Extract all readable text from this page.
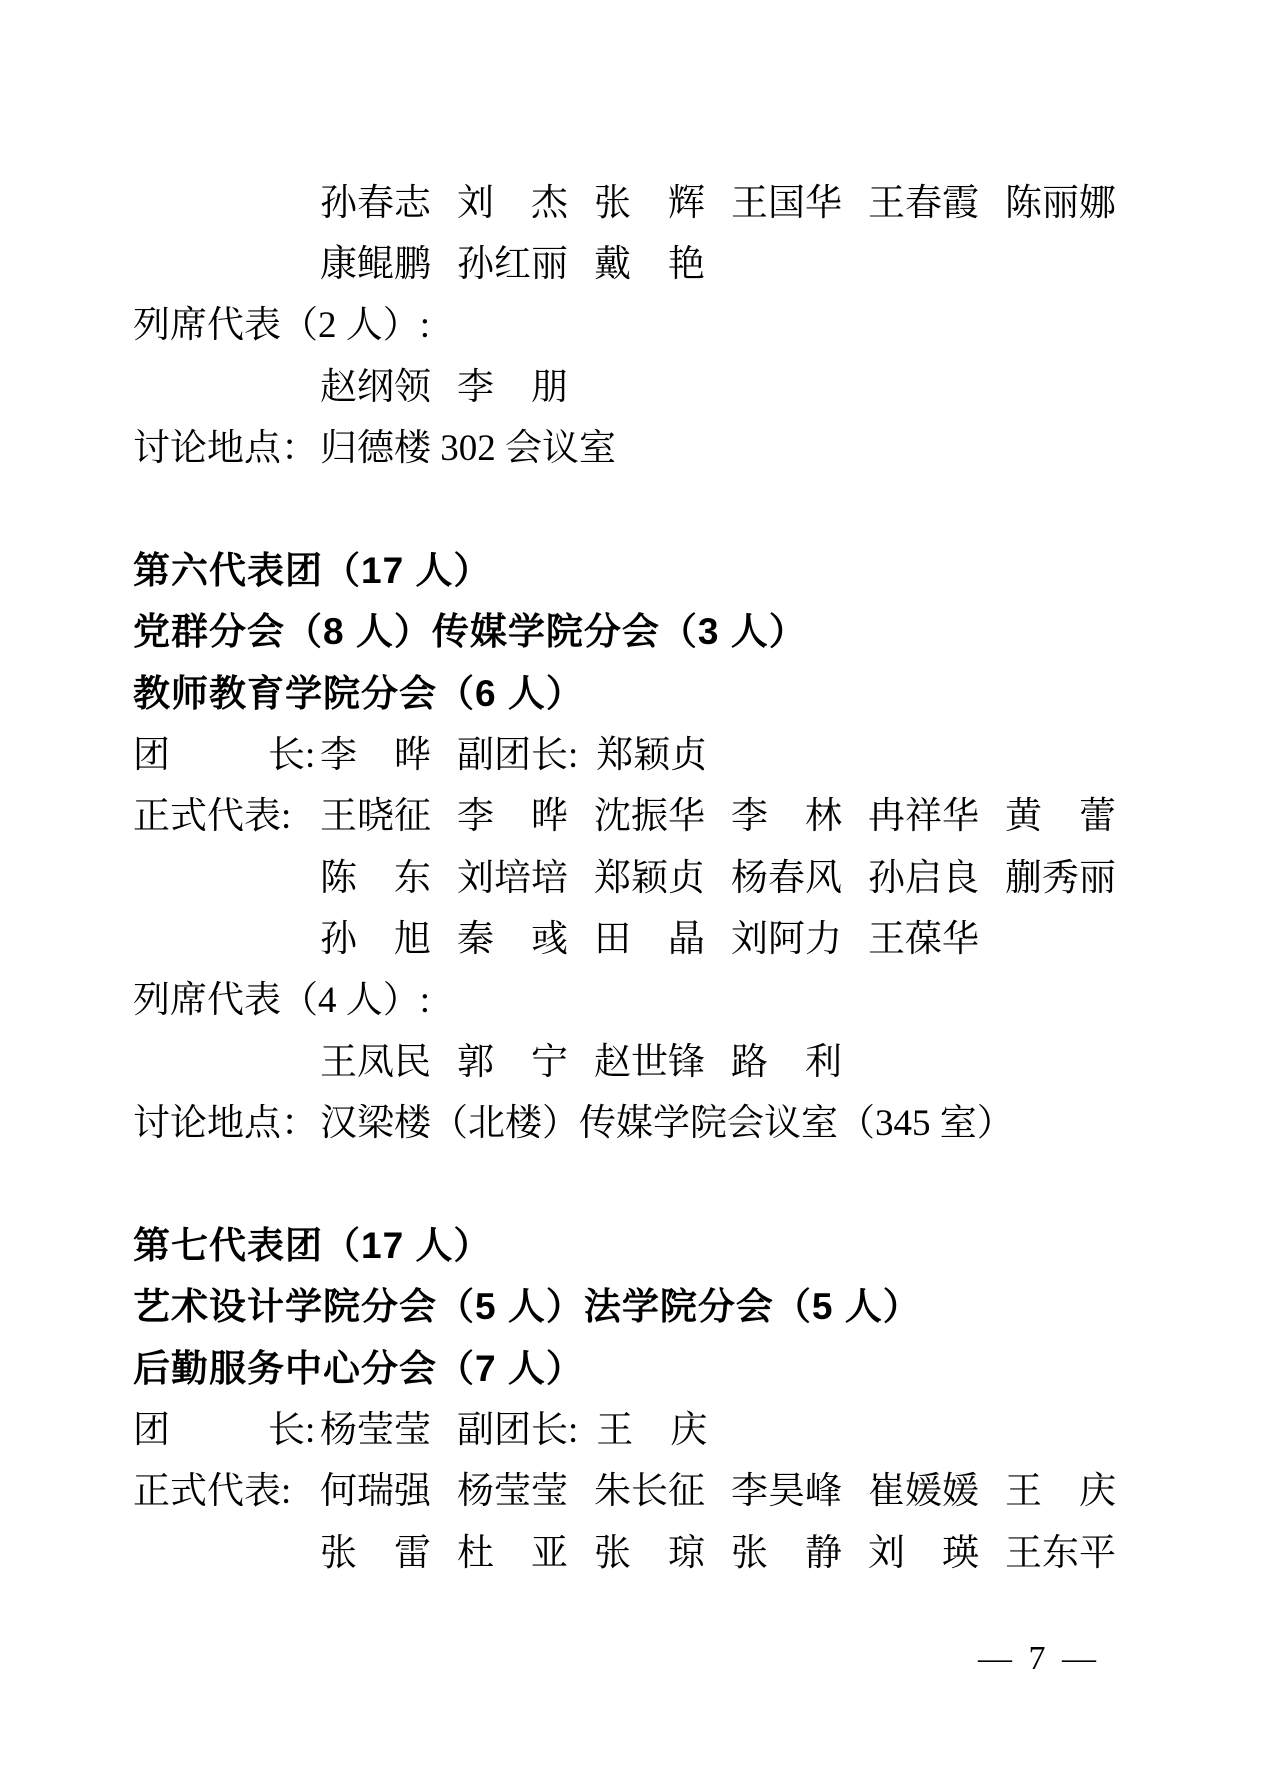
孙春志 刘杰 张辉 王国华 王春霞 陈丽娜
康鲲鹏 孙红丽 戴艳
列席代表（2 人）:
赵纲领 李朋
讨论地点： 归德楼 302 会议室
第六代表团（17 人）
党群分会（8 人）传媒学院分会（3 人）
教师教育学院分会（6 人）
团长: 李晔 副团长: 郑颖贞
正式代表: 王晓征 李晔 沈振华 李林 冉祥华 黄蕾
陈东 刘培培 郑颖贞 杨春风 孙启良 蒯秀丽
孙旭 秦彧 田晶 刘阿力 王葆华
列席代表（4 人）:
王凤民 郭宁 赵世锋 路利
讨论地点： 汉梁楼（北楼）传媒学院会议室（345 室）
第七代表团（17 人）
艺术设计学院分会（5 人）法学院分会（5 人）
后勤服务中心分会（7 人）
团长: 杨莹莹 副团长: 王庆
正式代表: 何瑞强 杨莹莹 朱长征 李昊峰 崔媛媛 王庆
张雷 杜亚 张琼 张静 刘瑛 王东平
— 7 —
